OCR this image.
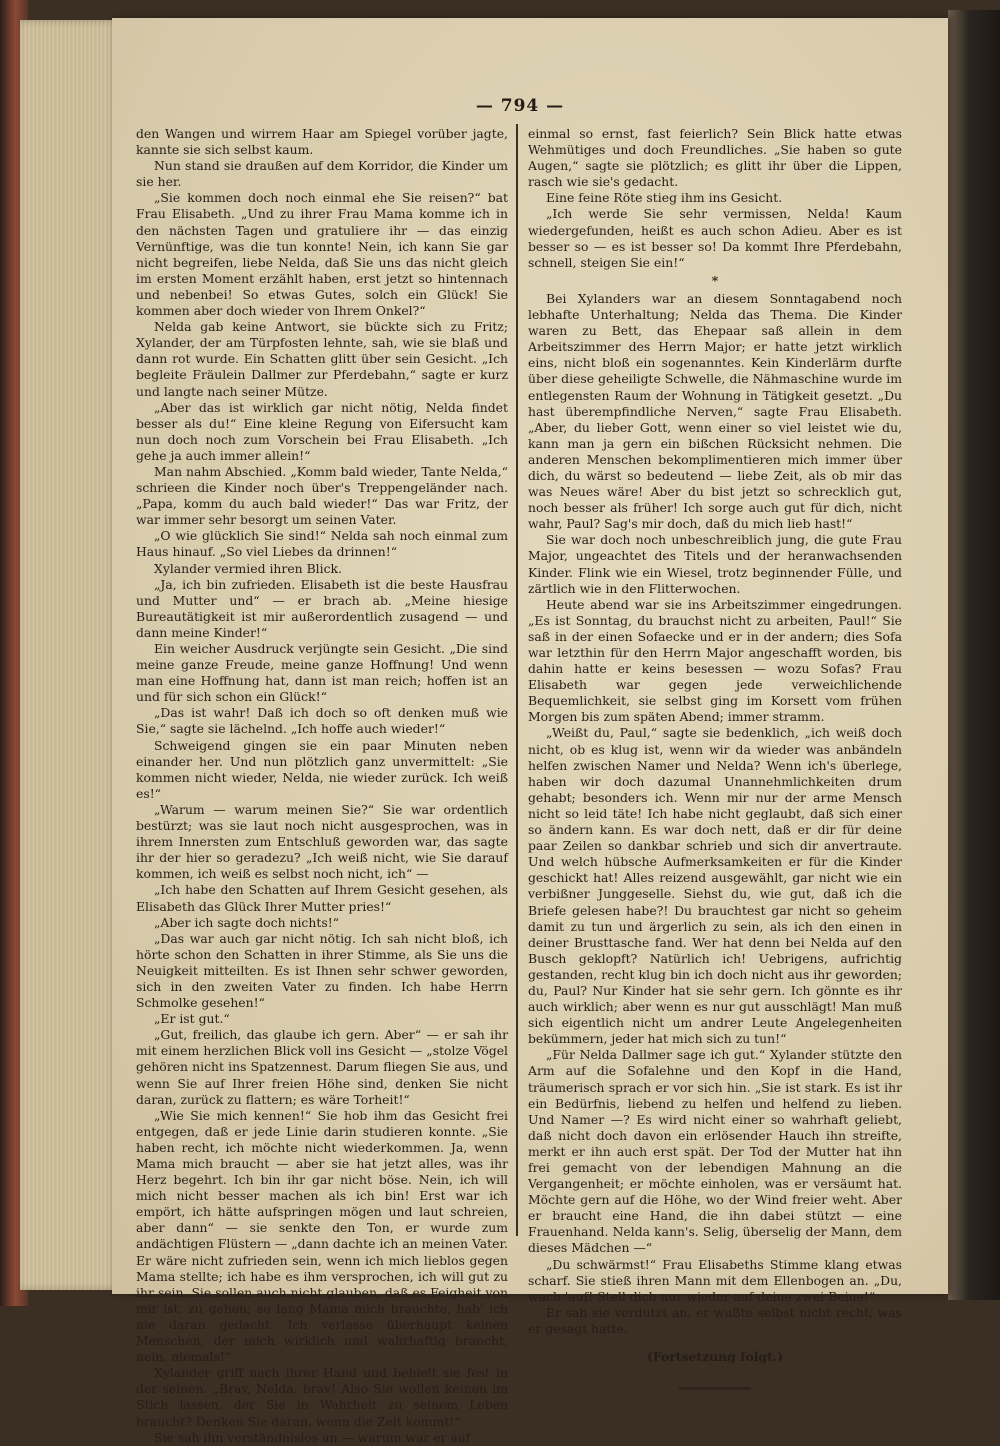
— 794 —

den Wangen und wirrem Haar am Spiegel vorüber jagte, kannte sie sich selbst kaum.

Nun stand sie draußen auf dem Korridor, die Kinder um sie her.

„Sie kommen doch noch einmal ehe Sie reisen?“ bat Frau Elisabeth. „Und zu ihrer Frau Mama komme ich in den nächsten Tagen und gratuliere ihr — das einzig Vernünftige, was die tun konnte! Nein, ich kann Sie gar nicht begreifen, liebe Nelda, daß Sie uns das nicht gleich im ersten Moment erzählt haben, erst jetzt so hintennach und nebenbei! So etwas Gutes, solch ein Glück! Sie kommen aber doch wieder von Ihrem Onkel?“

Nelda gab keine Antwort, sie bückte sich zu Fritz; Xylander, der am Türpfosten lehnte, sah, wie sie blaß und dann rot wurde. Ein Schatten glitt über sein Gesicht. „Ich begleite Fräulein Dallmer zur Pferdebahn,“ sagte er kurz und langte nach seiner Mütze.

„Aber das ist wirklich gar nicht nötig, Nelda findet besser als du!“ Eine kleine Regung von Eifersucht kam nun doch noch zum Vorschein bei Frau Elisabeth. „Ich gehe ja auch immer allein!“

Man nahm Abschied. „Komm bald wieder, Tante Nelda,“ schrieen die Kinder noch über's Treppengeländer nach. „Papa, komm du auch bald wieder!“ Das war Fritz, der war immer sehr besorgt um seinen Vater.

„O wie glücklich Sie sind!“ Nelda sah noch einmal zum Haus hinauf. „So viel Liebes da drinnen!“

Xylander vermied ihren Blick.

„Ja, ich bin zufrieden. Elisabeth ist die beste Hausfrau und Mutter und“ — er brach ab. „Meine hiesige Bureautätigkeit ist mir außerordentlich zusagend — und dann meine Kinder!“

Ein weicher Ausdruck verjüngte sein Gesicht. „Die sind meine ganze Freude, meine ganze Hoffnung! Und wenn man eine Hoffnung hat, dann ist man reich; hoffen ist an und für sich schon ein Glück!“

„Das ist wahr! Daß ich doch so oft denken muß wie Sie,“ sagte sie lächelnd. „Ich hoffe auch wieder!“

Schweigend gingen sie ein paar Minuten neben einander her. Und nun plötzlich ganz unvermittelt: „Sie kommen nicht wieder, Nelda, nie wieder zurück. Ich weiß es!“

„Warum — warum meinen Sie?“ Sie war ordentlich bestürzt; was sie laut noch nicht ausgesprochen, was in ihrem Innersten zum Entschluß geworden war, das sagte ihr der hier so geradezu? „Ich weiß nicht, wie Sie darauf kommen, ich weiß es selbst noch nicht, ich“ —

„Ich habe den Schatten auf Ihrem Gesicht gesehen, als Elisabeth das Glück Ihrer Mutter pries!“

„Aber ich sagte doch nichts!“

„Das war auch gar nicht nötig. Ich sah nicht bloß, ich hörte schon den Schatten in ihrer Stimme, als Sie uns die Neuigkeit mitteilten. Es ist Ihnen sehr schwer geworden, sich in den zweiten Vater zu finden. Ich habe Herrn Schmolke gesehen!“

„Er ist gut.“

„Gut, freilich, das glaube ich gern. Aber“ — er sah ihr mit einem herzlichen Blick voll ins Gesicht — „stolze Vögel gehören nicht ins Spatzennest. Darum fliegen Sie aus, und wenn Sie auf Ihrer freien Höhe sind, denken Sie nicht daran, zurück zu flattern; es wäre Torheit!“

„Wie Sie mich kennen!“ Sie hob ihm das Gesicht frei entgegen, daß er jede Linie darin studieren konnte. „Sie haben recht, ich möchte nicht wiederkommen. Ja, wenn Mama mich braucht — aber sie hat jetzt alles, was ihr Herz begehrt. Ich bin ihr gar nicht böse. Nein, ich will mich nicht besser machen als ich bin! Erst war ich empört, ich hätte aufspringen mögen und laut schreien, aber dann“ — sie senkte den Ton, er wurde zum andächtigen Flüstern — „dann dachte ich an meinen Vater. Er wäre nicht zufrieden sein, wenn ich mich lieblos gegen Mama stellte; ich habe es ihm versprochen, ich will gut zu ihr sein. Sie sollen auch nicht glauben, daß es Feigheit von mir ist, zu gehen; so lang Mama mich brauchte, hab' ich nie daran gedacht. Ich verlasse überhaupt keinen Menschen, der mich wirklich und wahrhaftig braucht, nein, niemals!“

Xylander griff nach ihrer Hand und behielt sie fest in der seinen. „Brav, Nelda, brav! Also Sie wollen keinen im Stich lassen, der Sie in Wahrheit zu seinem Leben braucht? Denken Sie daran, wenn die Zeit kommt!“

Sie sah ihn verständnislos an — warum war er auf

einmal so ernst, fast feierlich? Sein Blick hatte etwas Wehmütiges und doch Freundliches. „Sie haben so gute Augen,“ sagte sie plötzlich; es glitt ihr über die Lippen, rasch wie sie's gedacht.

Eine feine Röte stieg ihm ins Gesicht.

„Ich werde Sie sehr vermissen, Nelda! Kaum wiedergefunden, heißt es auch schon Adieu. Aber es ist besser so — es ist besser so! Da kommt Ihre Pferdebahn, schnell, steigen Sie ein!“

*

Bei Xylanders war an diesem Sonntagabend noch lebhafte Unterhaltung; Nelda das Thema. Die Kinder waren zu Bett, das Ehepaar saß allein in dem Arbeitszimmer des Herrn Major; er hatte jetzt wirklich eins, nicht bloß ein sogenanntes. Kein Kinderlärm durfte über diese geheiligte Schwelle, die Nähmaschine wurde im entlegensten Raum der Wohnung in Tätigkeit gesetzt. „Du hast überempfindliche Nerven,“ sagte Frau Elisabeth. „Aber, du lieber Gott, wenn einer so viel leistet wie du, kann man ja gern ein bißchen Rücksicht nehmen. Die anderen Menschen bekomplimentieren mich immer über dich, du wärst so bedeutend — liebe Zeit, als ob mir das was Neues wäre! Aber du bist jetzt so schrecklich gut, noch besser als früher! Ich sorge auch gut für dich, nicht wahr, Paul? Sag's mir doch, daß du mich lieb hast!“

Sie war doch noch unbeschreiblich jung, die gute Frau Major, ungeachtet des Titels und der heranwachsenden Kinder. Flink wie ein Wiesel, trotz beginnender Fülle, und zärtlich wie in den Flitterwochen.

Heute abend war sie ins Arbeitszimmer eingedrungen. „Es ist Sonntag, du brauchst nicht zu arbeiten, Paul!“ Sie saß in der einen Sofaecke und er in der andern; dies Sofa war letzthin für den Herrn Major angeschafft worden, bis dahin hatte er keins besessen — wozu Sofas? Frau Elisabeth war gegen jede verweichlichende Bequemlichkeit, sie selbst ging im Korsett vom frühen Morgen bis zum späten Abend; immer stramm.

„Weißt du, Paul,“ sagte sie bedenklich, „ich weiß doch nicht, ob es klug ist, wenn wir da wieder was anbändeln helfen zwischen Namer und Nelda? Wenn ich's überlege, haben wir doch dazumal Unannehmlichkeiten drum gehabt; besonders ich. Wenn mir nur der arme Mensch nicht so leid täte! Ich habe nicht geglaubt, daß sich einer so ändern kann. Es war doch nett, daß er dir für deine paar Zeilen so dankbar schrieb und sich dir anvertraute. Und welch hübsche Aufmerksamkeiten er für die Kinder geschickt hat! Alles reizend ausgewählt, gar nicht wie ein verbißner Junggeselle. Siehst du, wie gut, daß ich die Briefe gelesen habe?! Du brauchtest gar nicht so geheim damit zu tun und ärgerlich zu sein, als ich den einen in deiner Brusttasche fand. Wer hat denn bei Nelda auf den Busch geklopft? Natürlich ich! Uebrigens, aufrichtig gestanden, recht klug bin ich doch nicht aus ihr geworden; du, Paul? Nur Kinder hat sie sehr gern. Ich gönnte es ihr auch wirklich; aber wenn es nur gut ausschlägt! Man muß sich eigentlich nicht um andrer Leute Angelegenheiten bekümmern, jeder hat mich sich zu tun!“

„Für Nelda Dallmer sage ich gut.“ Xylander stützte den Arm auf die Sofalehne und den Kopf in die Hand, träumerisch sprach er vor sich hin. „Sie ist stark. Es ist ihr ein Bedürfnis, liebend zu helfen und helfend zu lieben. Und Namer —? Es wird nicht einer so wahrhaft geliebt, daß nicht doch davon ein erlösender Hauch ihn streifte, merkt er ihn auch erst spät. Der Tod der Mutter hat ihn frei gemacht von der lebendigen Mahnung an die Vergangenheit; er möchte einholen, was er versäumt hat. Möchte gern auf die Höhe, wo der Wind freier weht. Aber er braucht eine Hand, die ihn dabei stützt — eine Frauenhand. Nelda kann's. Selig, überselig der Mann, dem dieses Mädchen —“

„Du schwärmst!“ Frau Elisabeths Stimme klang etwas scharf. Sie stieß ihren Mann mit dem Ellenbogen an. „Du, wach 'auf! Stell dich nur wieder auf deine zwei Beine!“

Er sah sie verdutzt an, er wußte selbst nicht recht, was er gesagt hatte.

(Fortsetzung folgt.)
